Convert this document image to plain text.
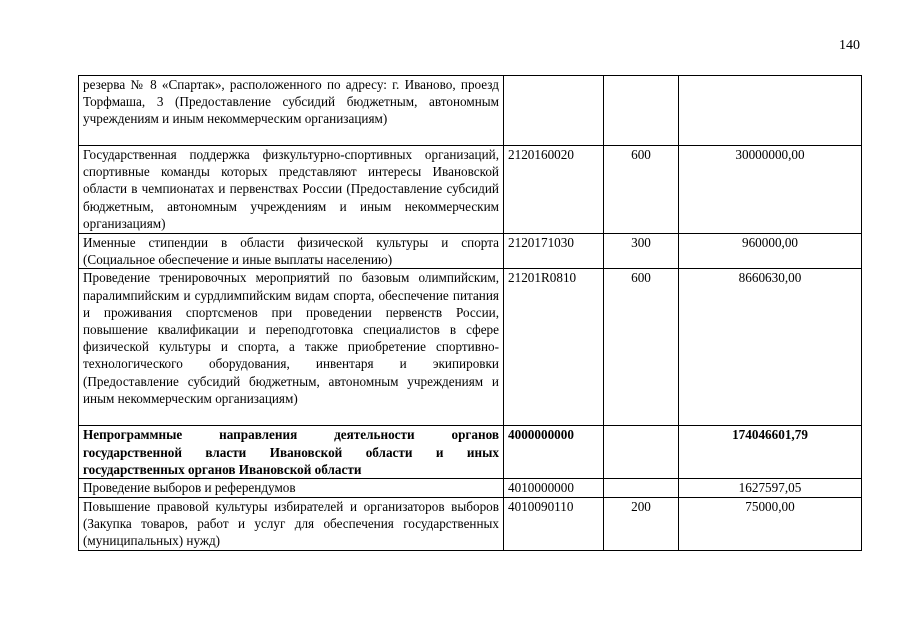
140
резерва № 8 «Спартак», расположенного по адресу: г. Иваново, проезд Торфмаша, 3 (Предоставление субсидий бюджетным, автономным учреждениям и иным некоммерческим организациям)			
Государственная поддержка физкультурно-спортивных организаций, спортивные команды которых представляют интересы Ивановской области в чемпионатах и первенствах России (Предоставление субсидий бюджетным, автономным учреждениям и иным некоммерческим организациям)	2120160020	600	30000000,00
Именные стипендии в области физической культуры и спорта (Социальное обеспечение и иные выплаты населению)	2120171030	300	960000,00
Проведение тренировочных мероприятий по базовым олимпийским, паралимпийским и сурдлимпийским видам спорта, обеспечение питания и проживания спортсменов при проведении первенств России, повышение квалификации и переподготовка специалистов в сфере физической культуры и спорта, а также приобретение спортивно-технологического оборудования, инвентаря и экипировки (Предоставление субсидий бюджетным, автономным учреждениям и иным некоммерческим организациям)	21201R0810	600	8660630,00
Непрограммные направления деятельности органов государственной власти Ивановской области и иных государственных органов Ивановской области	4000000000		174046601,79
Проведение выборов и референдумов	4010000000		1627597,05
Повышение правовой культуры избирателей и организаторов выборов (Закупка товаров, работ и услуг для обеспечения государственных (муниципальных) нужд)	4010090110	200	75000,00
